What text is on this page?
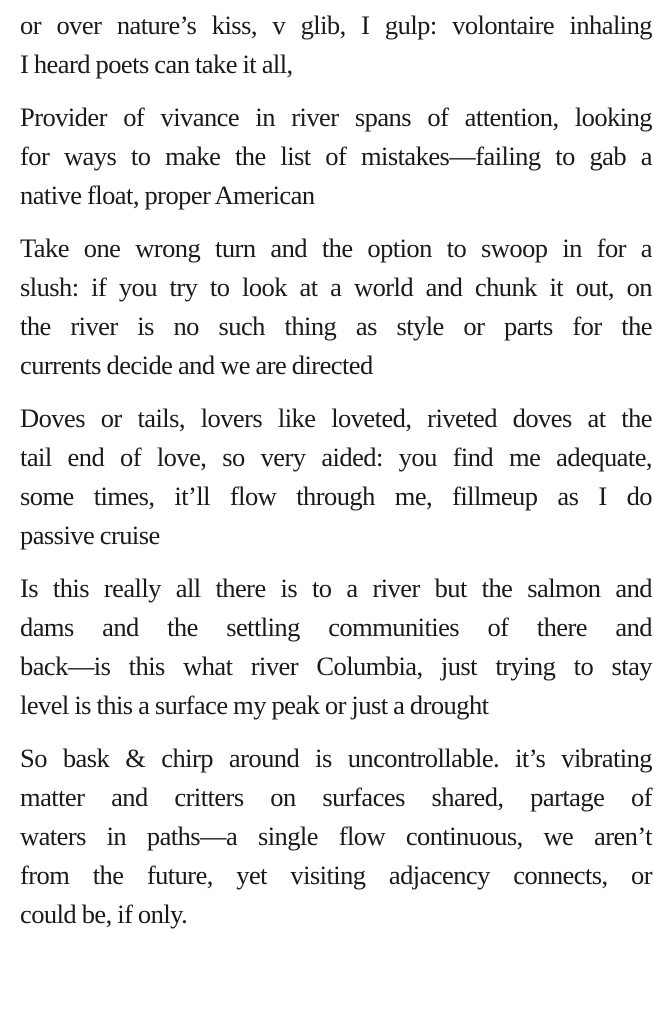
or over nature’s kiss, v glib, I gulp: volontaire inhaling
I heard poets can take it all,
Provider of vivance in river spans of attention, looking
for ways to make the list of mistakes—failing to gab a
native float, proper American
Take one wrong turn and the option to swoop in for a
slush: if you try to look at a world and chunk it out, on
the river is no such thing as style or parts for the
currents decide and we are directed
Doves or tails, lovers like loveted, riveted doves at the
tail end of love, so very aided: you find me adequate,
some times, it’ll flow through me, fillmeup as I do
passive cruise
Is this really all there is to a river but the salmon and
dams and the settling communities of there and
back—is this what river Columbia, just trying to stay
level is this a surface my peak or just a drought
So bask & chirp around is uncontrollable. it’s vibrating
matter and critters on surfaces shared, partage of
waters in paths—a single flow continuous, we aren’t
from the future, yet visiting adjacency connects, or
could be, if only.
